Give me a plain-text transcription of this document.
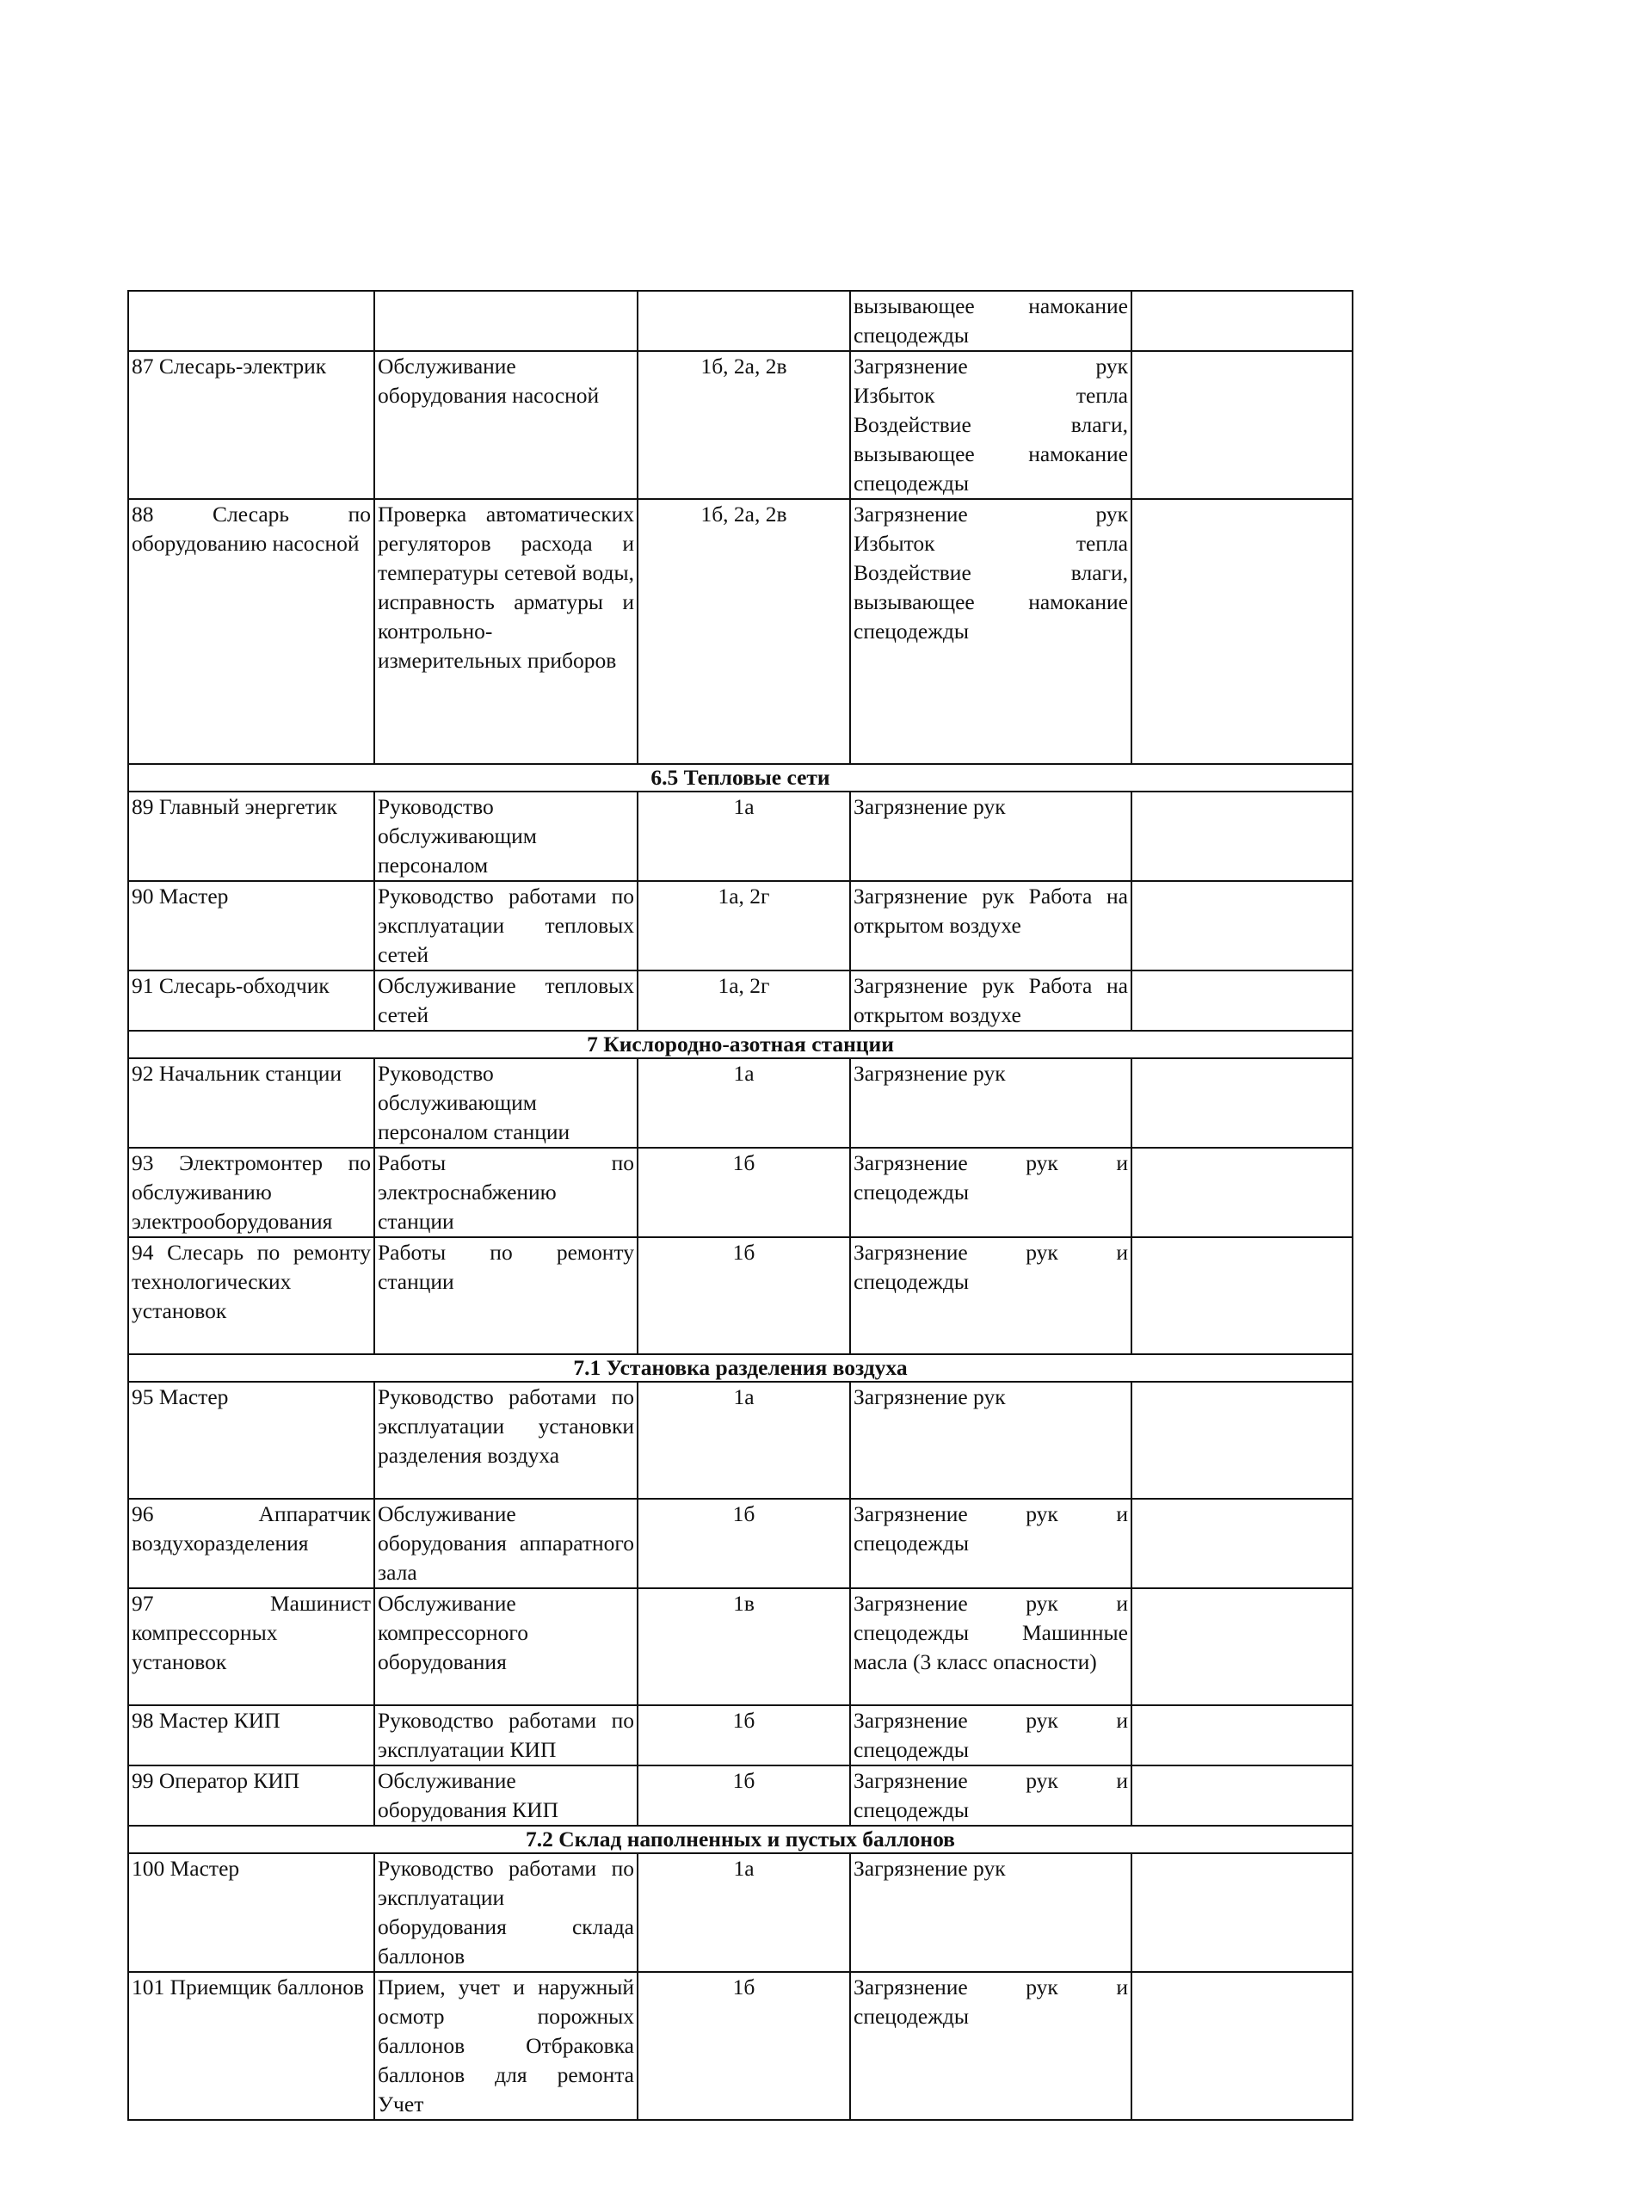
			вызывающее намокание
спецодежды	

87 Слесарь-электрик	Обслуживание оборудования насосной	1б, 2а, 2в	Загрязнение рук
Избыток тепла
Воздействие влаги,
вызывающее намокание
спецодежды	

88 Слесарь по оборудованию насосной	Проверка автоматических регуляторов расхода и температуры сетевой воды, исправность арматуры и контрольно-измерительных приборов	1б, 2а, 2в	Загрязнение рук
Избыток тепла
Воздействие влаги,
вызывающее намокание
спецодежды	

6.5 Тепловые сети				
89 Главный энергетик	Руководство обслуживающим персоналом	1а	Загрязнение рук	
90 Мастер	Руководство работами по эксплуатации тепловых сетей	1а, 2г	Загрязнение рук Работа на открытом воздухе	
91 Слесарь-обходчик	Обслуживание тепловых сетей	1а, 2г	Загрязнение рук Работа на открытом воздухе	
7 Кислородно-азотная станции				
92 Начальник станции	Руководство обслуживающим персоналом станции	1а	Загрязнение рук	
93 Электромонтер по обслуживанию электрооборудования	Работы по электроснабжению станции	1б	Загрязнение рук и спецодежды	
94 Слесарь по ремонту технологических установок	Работы по ремонту станции	1б	Загрязнение рук и спецодежды	
7.1 Установка разделения воздуха				
95 Мастер	Руководство работами по эксплуатации установки разделения воздуха	1а	Загрязнение рук	
96 Аппаратчик воздухоразделения	Обслуживание оборудования аппаратного зала	1б	Загрязнение рук и спецодежды	
97 Машинист компрессорных установок	Обслуживание компрессорного оборудования	1в	Загрязнение рук и спецодежды Машинные масла (3 класс опасности)	
98 Мастер КИП	Руководство работами по эксплуатации КИП	1б	Загрязнение рук и спецодежды	
99 Оператор КИП	Обслуживание оборудования КИП	1б	Загрязнение рук и спецодежды	
7.2 Склад наполненных и пустых баллонов				
100 Мастер	Руководство работами по эксплуатации оборудования склада баллонов	1а	Загрязнение рук	
101 Приемщик баллонов	Прием, учет и наружный осмотр порожных баллонов Отбраковка баллонов для ремонта Учет	1б	Загрязнение рук и спецодежды	
